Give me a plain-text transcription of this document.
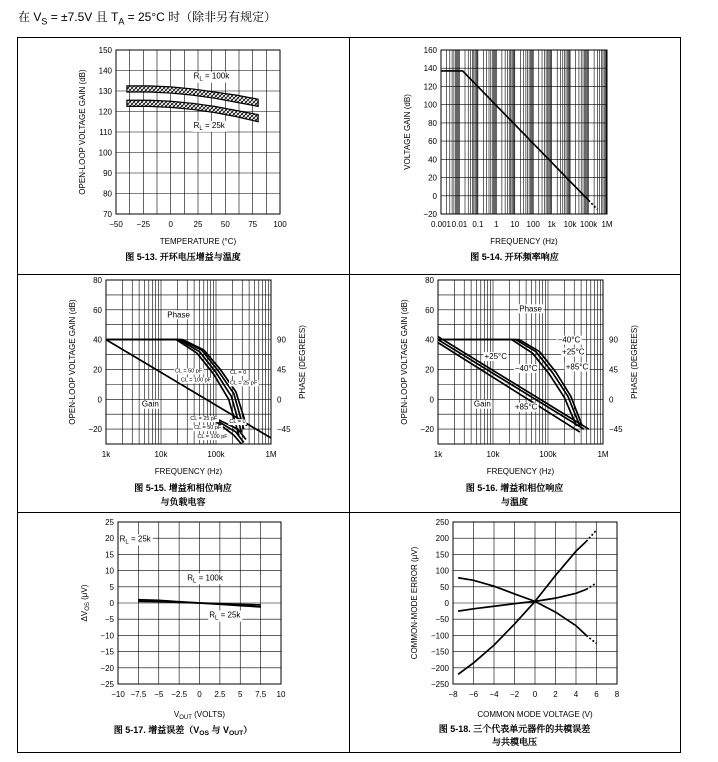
在 $V_S = \pm 7.5V$ 且 $T_A = 25^\circ C$ 时（除非另有规定）
−50 −25 0	25 50 75 100
70
80
90
100
110
120
130
140
150
TEMPERATURE (°C)
OPEN-LOOP VOLTAGE GAIN (dB)
图 5-13. 开环电压增益与温度
$R_L = 100k$
$R_L = 25k$
0.001 0.01 0.1 1 10 100 1k 10k 100k 1M
−20
0
20
40
60
80
100
120
140
160
FREQUENCY (Hz)
VOLTAGE GAIN (dB)
图 5-14. 开环频率响应
1k	10k	100k	1M
−20
0
20
40
60
80
90
45
0
−45
FREQUENCY (Hz)
OPEN-LOOP VOLTAGE GAIN (dB)	PHASE (DEGREES)
图 5-15. 增益和相位响应
与负载电容
Phase
Gain
CL = 50 pF
CL = 100 pF
CL = 0
CL = 25 pF
CL = 25 pF
CL = 50 pF
CL = 100 pF
CL = 0
1k	10k	100k	1M
−20
0
20
40
60
80
90
45
0
−45
FREQUENCY (Hz)
OPEN-LOOP VOLTAGE GAIN (dB)	PHASE (DEGREES)
图 5-16. 增益和相位响应
与温度
Phase
−40°C
+25°C
+85°C
+25°C
−40°C
Gain	+85°C
−10 −7.5 −5 −2.5 0 2.5 5 7.5 10
−25
−20
−15
−10
−5
0
5
10
15
20
25
$V_{OUT}$ (VOLTS)
$\Delta V_{OS}$ (μV)
图 5-17. 增益误差（$V_{OS}$ 与 $V_{OUT}$）
$R_L = 25k$
$R_L = 100k$
$R_L = 25k$
−8 −6 −4 −2 0 2 4 6 8
−250
−200
−150
−100
−50
0
50
100
150
200
250
COMMON MODE VOLTAGE (V)
COMMON-MODE ERROR (μV)
图 5-18. 三个代表单元器件的共模误差
与共模电压
